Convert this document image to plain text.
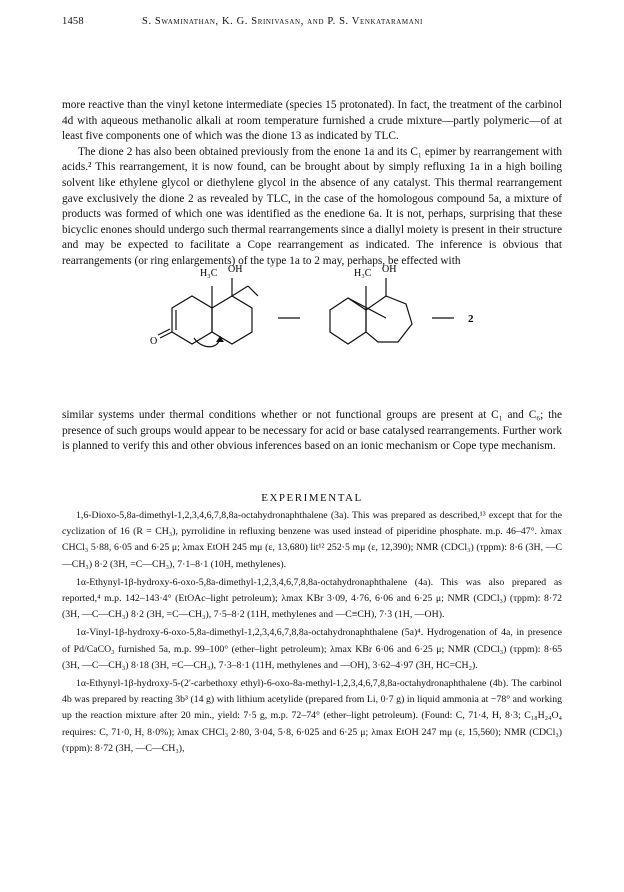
1458	S. Swaminathan, K. G. Srinivasan, and P. S. Venkataramani

more reactive than the vinyl ketone intermediate (species 15 protonated). In fact, the treatment of the carbinol 4d with aqueous methanolic alkali at room temperature furnished a crude mixture—partly polymeric—of at least five components one of which was the dione 13 as indicated by TLC.

The dione 2 has also been obtained previously from the enone 1a and its C₁ epimer by rearrangement with acids.² This rearrangement, it is now found, can be brought about by simply refluxing 1a in a high boiling solvent like ethylene glycol or diethylene glycol in the absence of any catalyst. This thermal rearrangement gave exclusively the dione 2 as revealed by TLC, in the case of the homologous compound 5a, a mixture of products was formed of which one was identified as the enedione 6a. It is not, perhaps, surprising that these bicyclic enones should undergo such thermal rearrangements since a diallyl moiety is present in their structure and may be expected to facilitate a Cope rearrangement as indicated. The inference is obvious that rearrangements (or ring enlargements) of the type 1a to 2 may, perhaps, be effected with

H₃C OH
O
H₃C OH
2

similar systems under thermal conditions whether or not functional groups are present at C₁ and C₆; the presence of such groups would appear to be necessary for acid or base catalysed rearrangements. Further work is planned to verify this and other obvious inferences based on an ionic mechanism or Cope type mechanism.

EXPERIMENTAL

1,6-Dioxo-5,8a-dimethyl-1,2,3,4,6,7,8,8a-octahydronaphthalene (3a). This was prepared as described,¹³ except that for the cyclization of 16 (R = CH₃), pyrrolidine in refluxing benzene was used instead of piperidine phosphate. m.p. 46–47°. λmax CHCl₃ 5·88, 6·05 and 6·25 μ; λmax EtOH 245 mμ (ε, 13,680) lit¹² 252·5 mμ (ε, 12,390); NMR (CDCl₃) (τppm): 8·6 (3H, —C—CH₃) 8·2 (3H, =C—CH₃), 7·1–8·1 (10H, methylenes).

1α-Ethynyl-1β-hydroxy-6-oxo-5,8a-dimethyl-1,2,3,4,6,7,8,8a-octahydronaphthalene (4a). This was also prepared as reported,⁴ m.p. 142–143·4° (EtOAc–light petroleum); λmax KBr 3·09, 4·76, 6·06 and 6·25 μ; NMR (CDCl₃) (τppm): 8·72 (3H, —C—CH₃) 8·2 (3H, =C—CH₃), 7·5–8·2 (11H, methylenes and —C≡CH), 7·3 (1H, —OH).

1α-Vinyl-1β-hydroxy-6-oxo-5,8a-dimethyl-1,2,3,4,6,7,8,8a-octahydronaphthalene (5a)⁴. Hydrogenation of 4a, in presence of Pd/CaCO₃ furnished 5a, m.p. 99–100° (ether–light petroleum); λmax KBr 6·06 and 6·25 μ; NMR (CDCl₃) (τppm): 8·65 (3H, —C—CH₃) 8·18 (3H, =C—CH₃), 7·3–8·1 (11H, methylenes and —OH), 3·62–4·97 (3H, HC=CH₂).

1α-Ethynyl-1β-hydroxy-5-(2'-carbethoxy ethyl)-6-oxo-8a-methyl-1,2,3,4,6,7,8,8a-octahydronaphthalene (4b). The carbinol 4b was prepared by reacting 3b³ (14 g) with lithium acetylide (prepared from Li, 0·7 g) in liquid ammonia at −78° and working up the reaction mixture after 20 min., yield: 7·5 g, m.p. 72–74° (ether–light petroleum). (Found: C, 71·4, H, 8·3; C₁₈H₂₄O₄ requires: C, 71·0, H, 8·0%); λmax CHCl₃ 2·80, 3·04, 5·8, 6·025 and 6·25 μ; λmax EtOH 247 mμ (ε, 15,560); NMR (CDCl₃) (τppm): 8·72 (3H, —C—CH₃),
